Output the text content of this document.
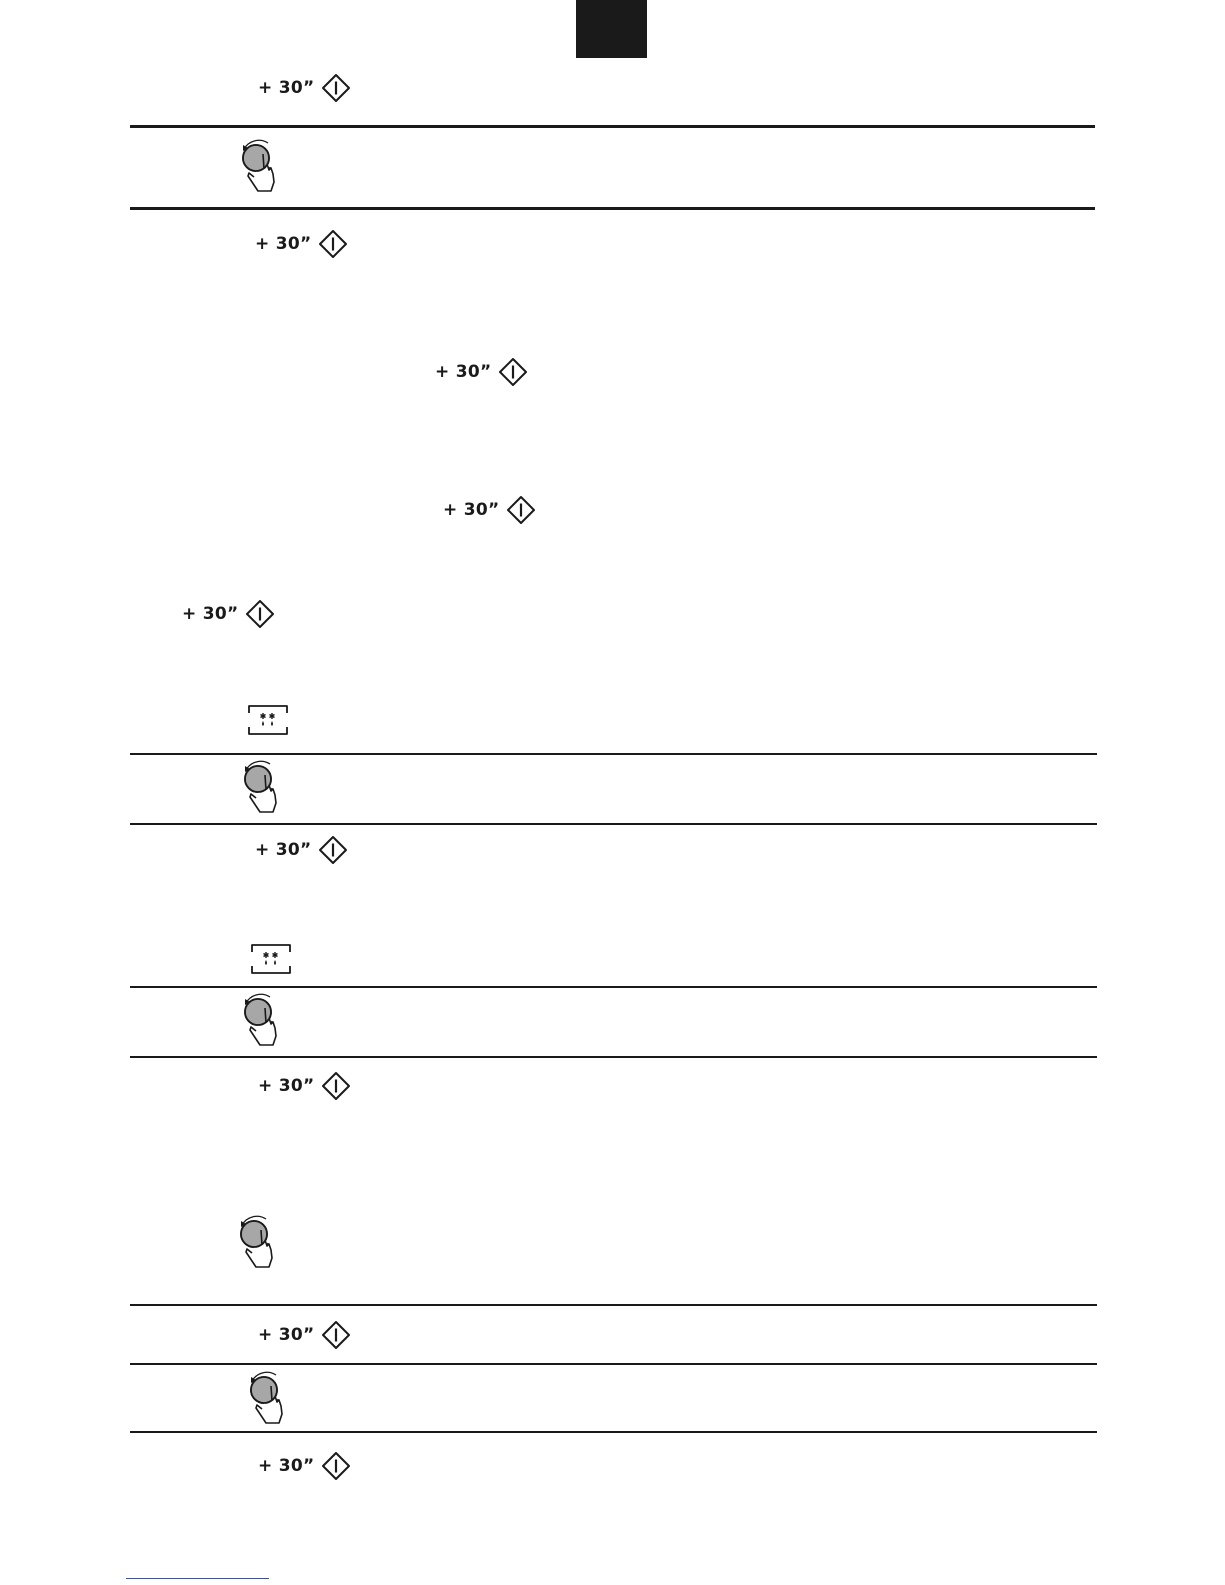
+ 30”
+ 30”
+ 30”
+ 30”
+ 30”
+ 30”
+ 30”
+ 30”
+ 30”
